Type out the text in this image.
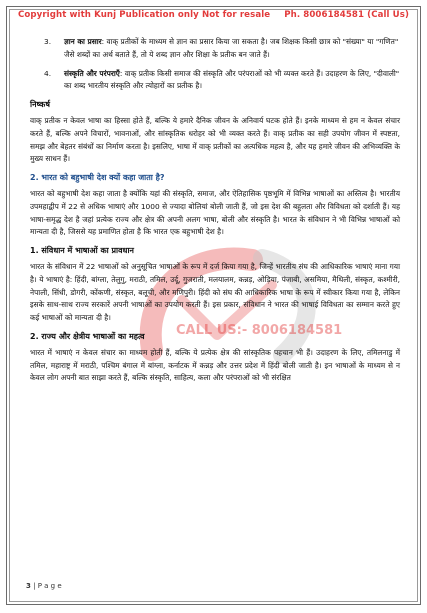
Copyright with Kunj Publication only Not for resale Ph. 8006184581 (Call Us)
CALL US:- 8006184581
3. ज्ञान का प्रसार: वाक् प्रतीकों के माध्यम से ज्ञान का प्रसार किया जा सकता है। जब शिक्षक किसी छात्र को "संख्या" या "गणित" जैसे शब्दों का अर्थ बताते हैं, तो ये शब्द ज्ञान और शिक्षा के प्रतीक बन जाते हैं।
4. संस्कृति और परंपराएँ: वाक् प्रतीक किसी समाज की संस्कृति और परंपराओं को भी व्यक्त करते हैं। उदाहरण के लिए, "दीवाली" का शब्द भारतीय संस्कृति और त्योहारों का प्रतीक है।
निष्कर्ष

वाक् प्रतीक न केवल भाषा का हिस्सा होते हैं, बल्कि ये हमारे दैनिक जीवन के अनिवार्य घटक होते हैं। इनके माध्यम से हम न केवल संचार करते हैं, बल्कि अपने विचारों, भावनाओं, और सांस्कृतिक धरोहर को भी व्यक्त करते हैं। वाक् प्रतीक का सही उपयोग जीवन में स्पष्टता, समझ और बेहतर संबंधों का निर्माण करता है। इसलिए, भाषा में वाक् प्रतीकों का अत्यधिक महत्व है, और यह हमारे जीवन की अभिव्यक्ति के मुख्य साधन हैं।

2. भारत को बहुभाषी देश क्यों कहा जाता है?

भारत को बहुभाषी देश कहा जाता है क्योंकि यहां की संस्कृति, समाज, और ऐतिहासिक पृष्ठभूमि में विभिन्न भाषाओं का अस्तित्व है। भारतीय उपमहाद्वीप में 22 से अधिक भाषाएं और 1000 से ज्यादा बोलियां बोली जाती हैं, जो इस देश की बहुलता और विविधता को दर्शाती हैं। यह भाषा-समृद्ध देश है जहां प्रत्येक राज्य और क्षेत्र की अपनी अलग भाषा, बोली और संस्कृति है। भारत के संविधान ने भी विभिन्न भाषाओं को मान्यता दी है, जिससे यह प्रमाणित होता है कि भारत एक बहुभाषी देश है।

1. संविधान में भाषाओं का प्रावधान

भारत के संविधान में 22 भाषाओं को अनुसूचित भाषाओं के रूप में दर्ज किया गया है, जिन्हें भारतीय संघ की आधिकारिक भाषाएं माना गया है। ये भाषाएं है: हिंदी, बांग्ला, तेलुगु, मराठी, तमिल, उर्दू, गुजराती, मलयालम, कन्नड़, ओड़िया, पंजाबी, असमिया, मैथिली, संस्कृत, कश्मीरी, नेपाली, सिंधी, डोगरी, कोंकणी, संस्कृत, बलूची, और मणिपुरी। हिंदी को संघ की आधिकारिक भाषा के रूप में स्वीकार किया गया है, लेकिन इसके साथ-साथ राज्य सरकारें अपनी भाषाओं का उपयोग करती हैं। इस प्रकार, संविधान ने भारत की भाषाई विविधता का सम्मान करते हुए कई भाषाओं को मान्यता दी है।

2. राज्य और क्षेत्रीय भाषाओं का महत्व

भारत में भाषाएं न केवल संचार का माध्यम होती हैं, बल्कि ये प्रत्येक क्षेत्र की सांस्कृतिक पहचान भी हैं। उदाहरण के लिए, तमिलनाडु में तमिल, महाराष्ट्र में मराठी, पश्चिम बंगाल में बांग्ला, कर्नाटक में कन्नड़ और उत्तर प्रदेश में हिंदी बोली जाती है। इन भाषाओं के माध्यम से न केवल लोग अपनी बात साझा करते हैं, बल्कि संस्कृति, साहित्य, कला और परंपराओं को भी संरक्षित

3 | P a g e
